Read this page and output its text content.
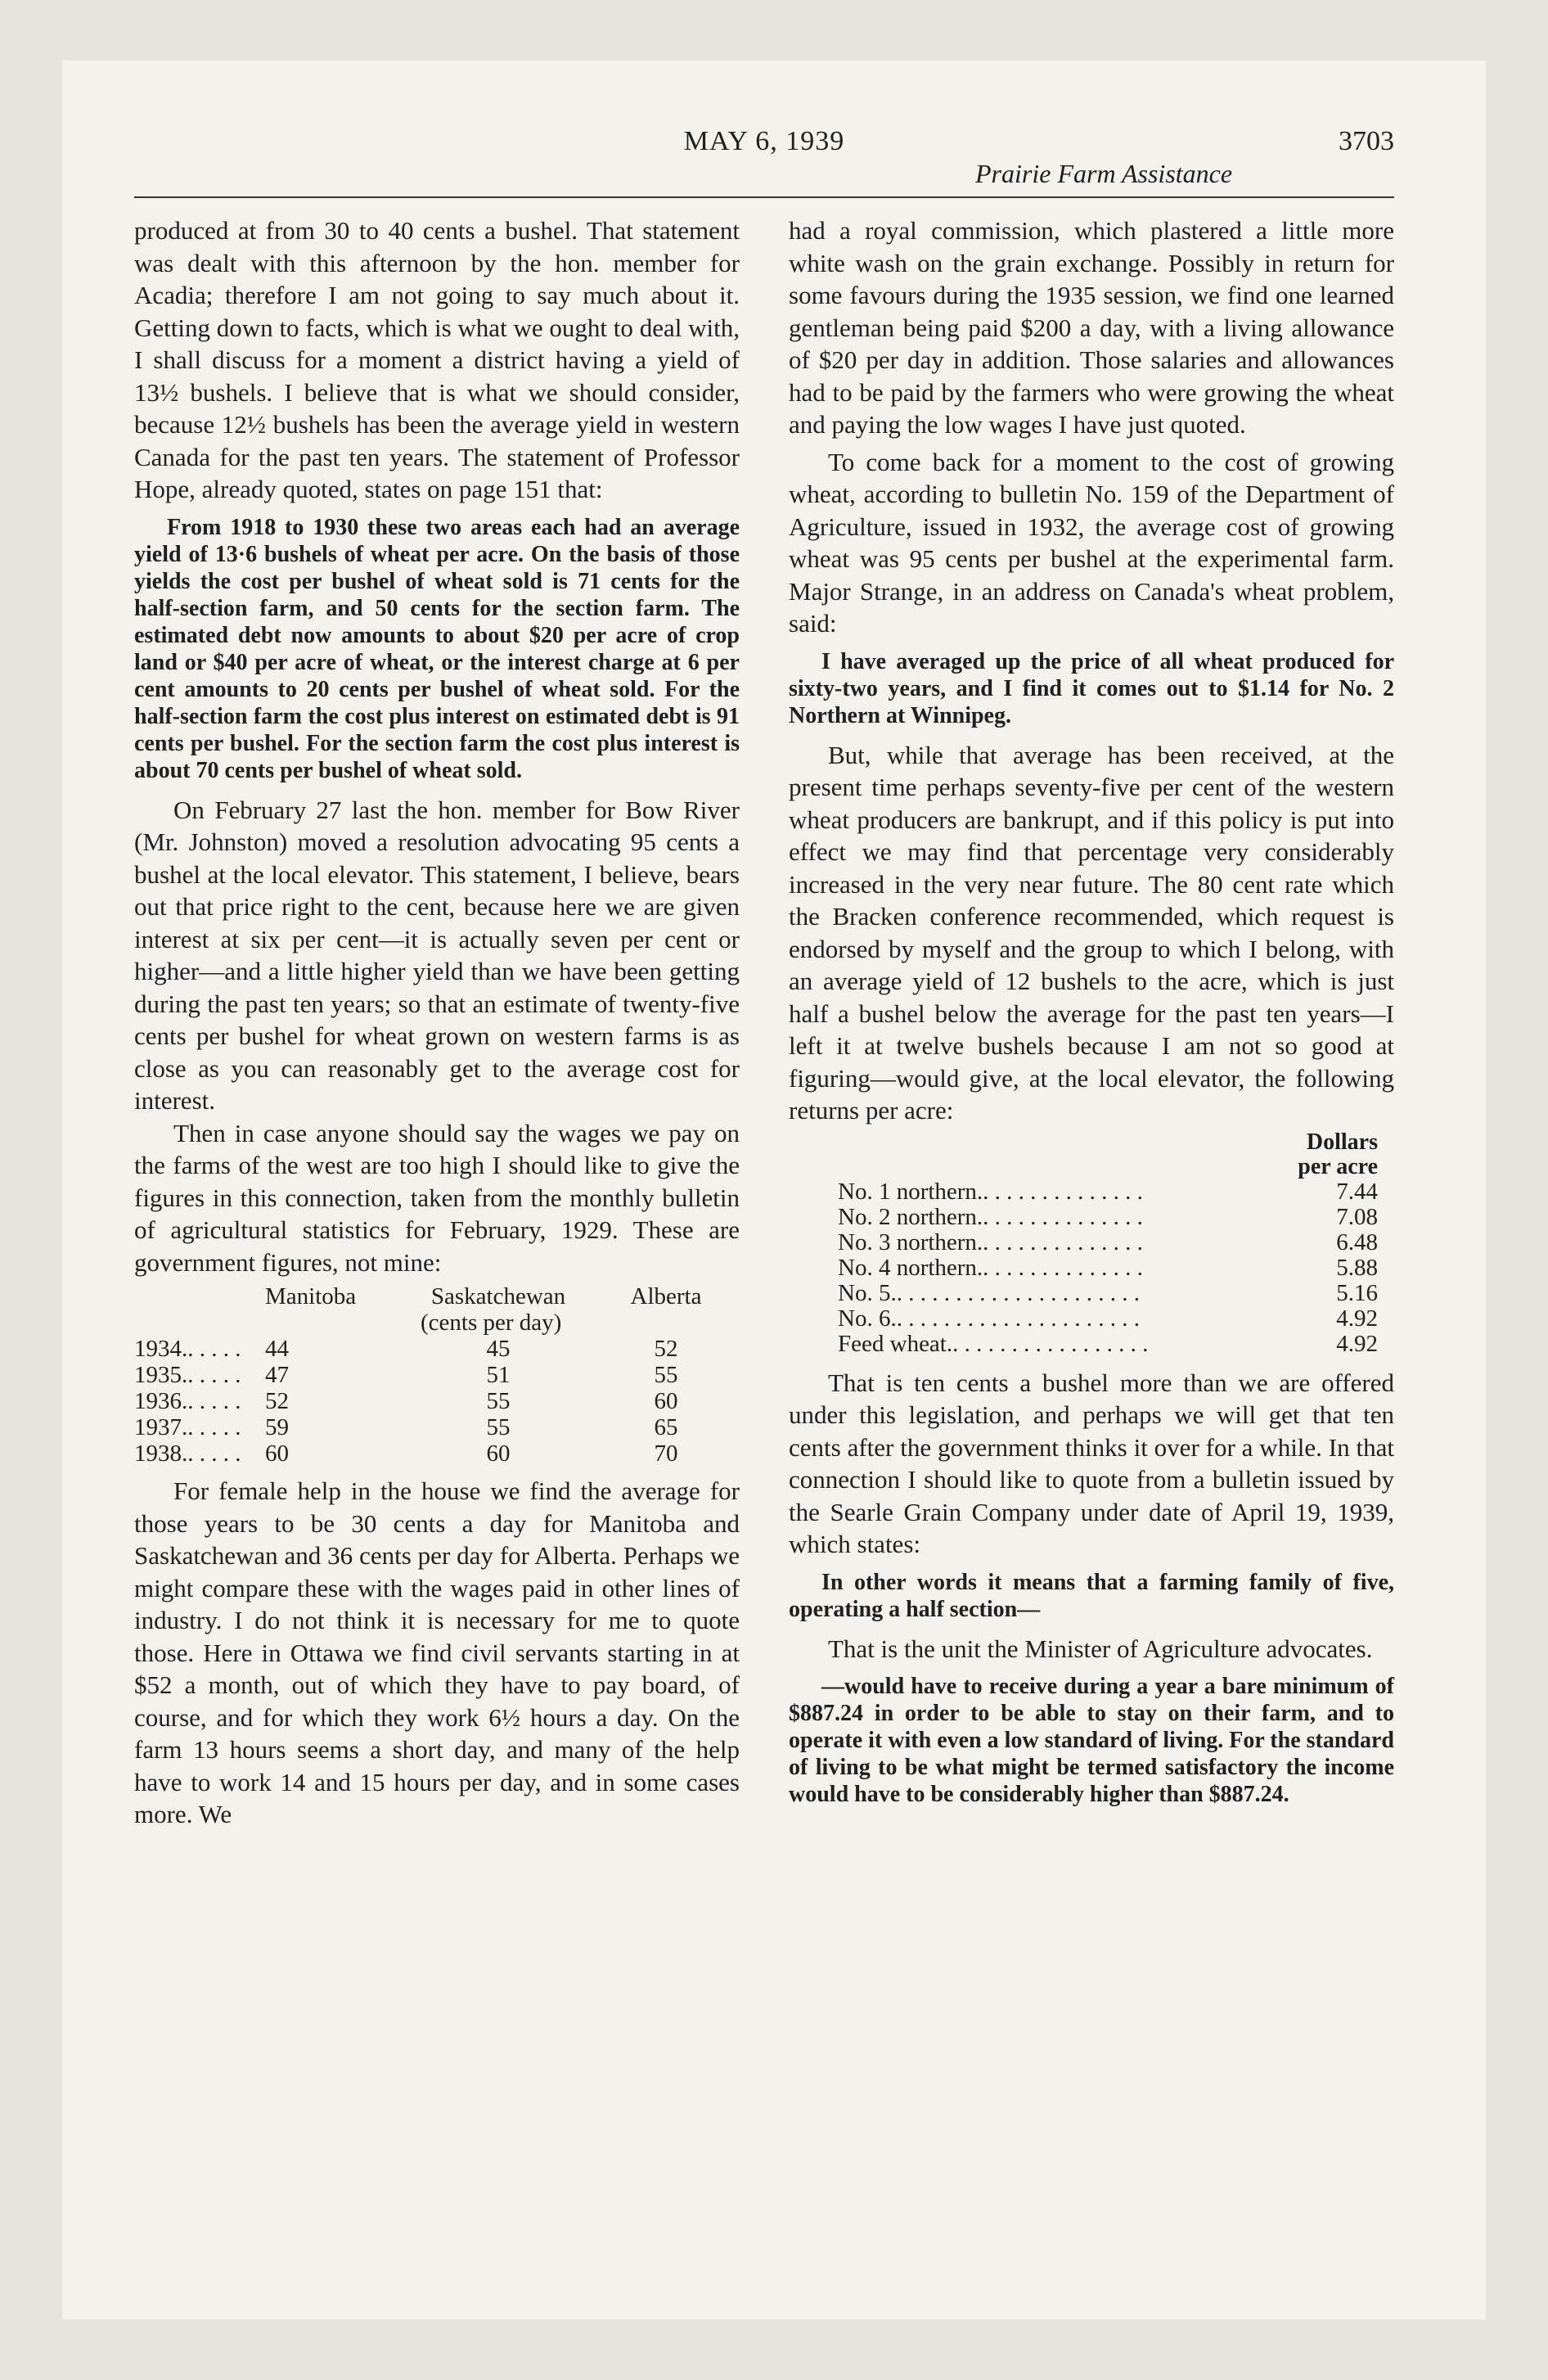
MAY 6, 1939
Prairie Farm Assistance
3703

produced at from 30 to 40 cents a bushel. That statement was dealt with this afternoon by the hon. member for Acadia; therefore I am not going to say much about it. Getting down to facts, which is what we ought to deal with, I shall discuss for a moment a district having a yield of 13½ bushels. I believe that is what we should consider, because 12½ bushels has been the average yield in western Canada for the past ten years. The statement of Professor Hope, already quoted, states on page 151 that:

From 1918 to 1930 these two areas each had an average yield of 13·6 bushels of wheat per acre. On the basis of those yields the cost per bushel of wheat sold is 71 cents for the half-section farm, and 50 cents for the section farm. The estimated debt now amounts to about $20 per acre of crop land or $40 per acre of wheat, or the interest charge at 6 per cent amounts to 20 cents per bushel of wheat sold. For the half-section farm the cost plus interest on estimated debt is 91 cents per bushel. For the section farm the cost plus interest is about 70 cents per bushel of wheat sold.

On February 27 last the hon. member for Bow River (Mr. Johnston) moved a resolution advocating 95 cents a bushel at the local elevator. This statement, I believe, bears out that price right to the cent, because here we are given interest at six per cent—it is actually seven per cent or higher—and a little higher yield than we have been getting during the past ten years; so that an estimate of twenty-five cents per bushel for wheat grown on western farms is as close as you can reasonably get to the average cost for interest.

Then in case anyone should say the wages we pay on the farms of the west are too high I should like to give the figures in this connection, taken from the monthly bulletin of agricultural statistics for February, 1929. These are government figures, not mine:

	Manitoba	Saskatchewan	Alberta
	(cents per day)		
1934.. . . . .	44	45	52
1935.. . . . .	47	51	55
1936.. . . . .	52	55	60
1937.. . . . .	59	55	65
1938.. . . . .	60	60	70

For female help in the house we find the average for those years to be 30 cents a day for Manitoba and Saskatchewan and 36 cents per day for Alberta. Perhaps we might compare these with the wages paid in other lines of industry. I do not think it is necessary for me to quote those. Here in Ottawa we find civil servants starting in at $52 a month, out of which they have to pay board, of course, and for which they work 6½ hours a day. On the farm 13 hours seems a short day, and many of the help have to work 14 and 15 hours per day, and in some cases more. We

had a royal commission, which plastered a little more white wash on the grain exchange. Possibly in return for some favours during the 1935 session, we find one learned gentleman being paid $200 a day, with a living allowance of $20 per day in addition. Those salaries and allowances had to be paid by the farmers who were growing the wheat and paying the low wages I have just quoted.

To come back for a moment to the cost of growing wheat, according to bulletin No. 159 of the Department of Agriculture, issued in 1932, the average cost of growing wheat was 95 cents per bushel at the experimental farm. Major Strange, in an address on Canada's wheat problem, said:

I have averaged up the price of all wheat produced for sixty-two years, and I find it comes out to $1.14 for No. 2 Northern at Winnipeg.

But, while that average has been received, at the present time perhaps seventy-five per cent of the western wheat producers are bankrupt, and if this policy is put into effect we may find that percentage very considerably increased in the very near future. The 80 cent rate which the Bracken conference recommended, which request is endorsed by myself and the group to which I belong, with an average yield of 12 bushels to the acre, which is just half a bushel below the average for the past ten years—I left it at twelve bushels because I am not so good at figuring—would give, at the local elevator, the following returns per acre:

	Dollars
	per acre
No. 1 northern.. . . . . . . . . . . . . .	7.44
No. 2 northern.. . . . . . . . . . . . . .	7.08
No. 3 northern.. . . . . . . . . . . . . .	6.48
No. 4 northern.. . . . . . . . . . . . . .	5.88
No. 5.. . . . . . . . . . . . . . . . . . . . .	5.16
No. 6.. . . . . . . . . . . . . . . . . . . . .	4.92
Feed wheat.. . . . . . . . . . . . . . . . .	4.92

That is ten cents a bushel more than we are offered under this legislation, and perhaps we will get that ten cents after the government thinks it over for a while. In that connection I should like to quote from a bulletin issued by the Searle Grain Company under date of April 19, 1939, which states:

In other words it means that a farming family of five, operating a half section—

That is the unit the Minister of Agriculture advocates.

—would have to receive during a year a bare minimum of $887.24 in order to be able to stay on their farm, and to operate it with even a low standard of living. For the standard of living to be what might be termed satisfactory the income would have to be considerably higher than $887.24.
